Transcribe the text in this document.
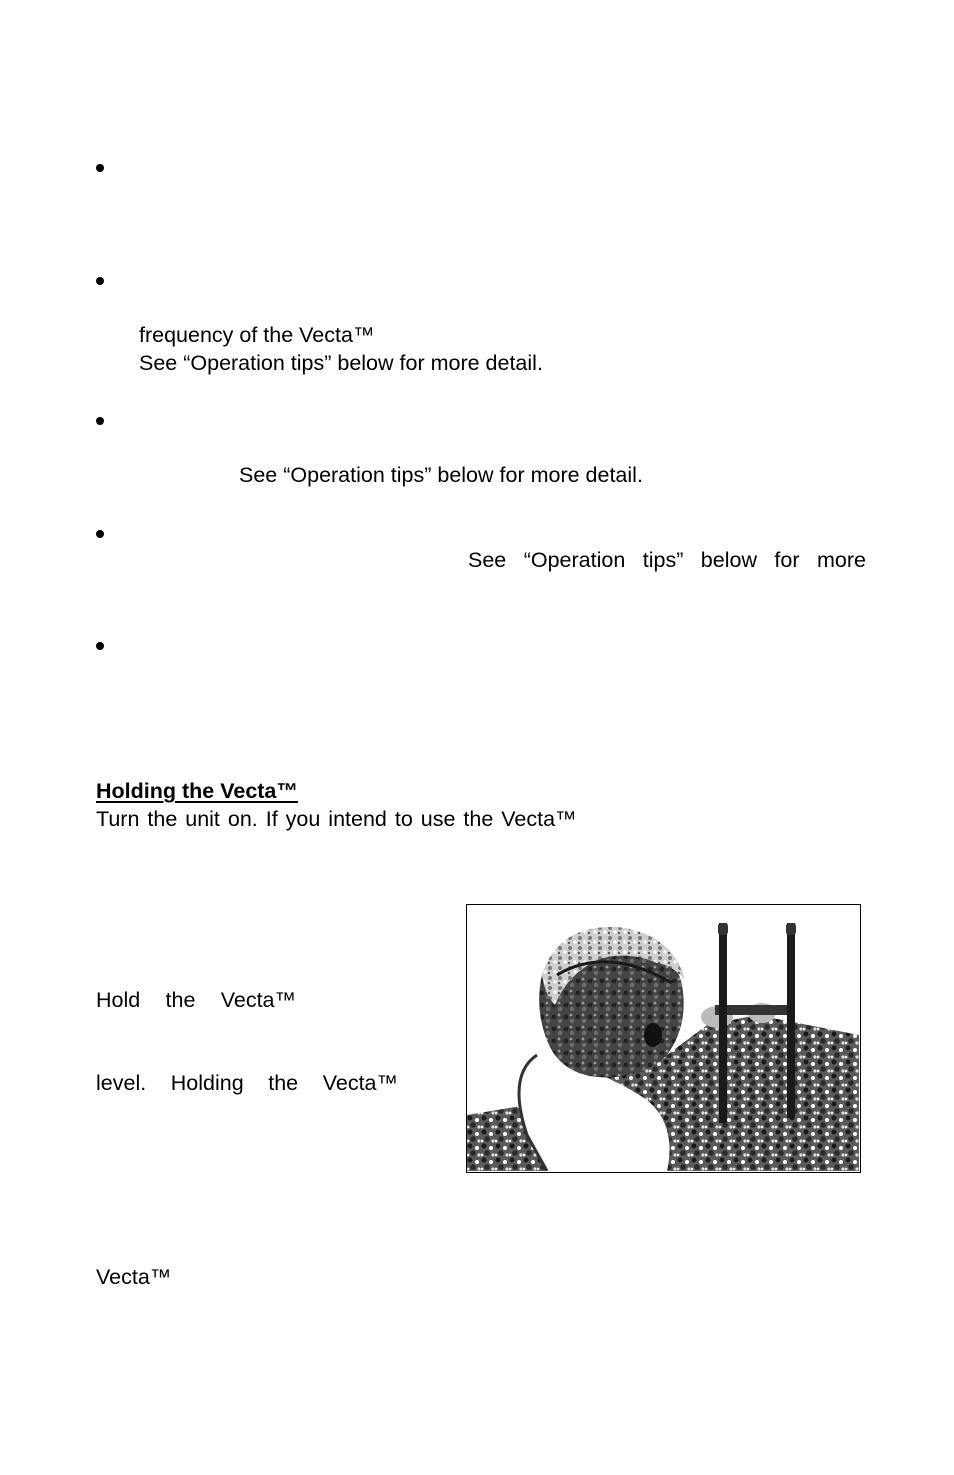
frequency of the Vecta™
See “Operation tips” below for more detail.
See “Operation tips” below for more detail.
See “Operation tips” below for more
Holding the Vecta™
Turn the unit on. If you intend to use the Vecta™
Hold the Vecta™
level. Holding the Vecta™
Vecta™
